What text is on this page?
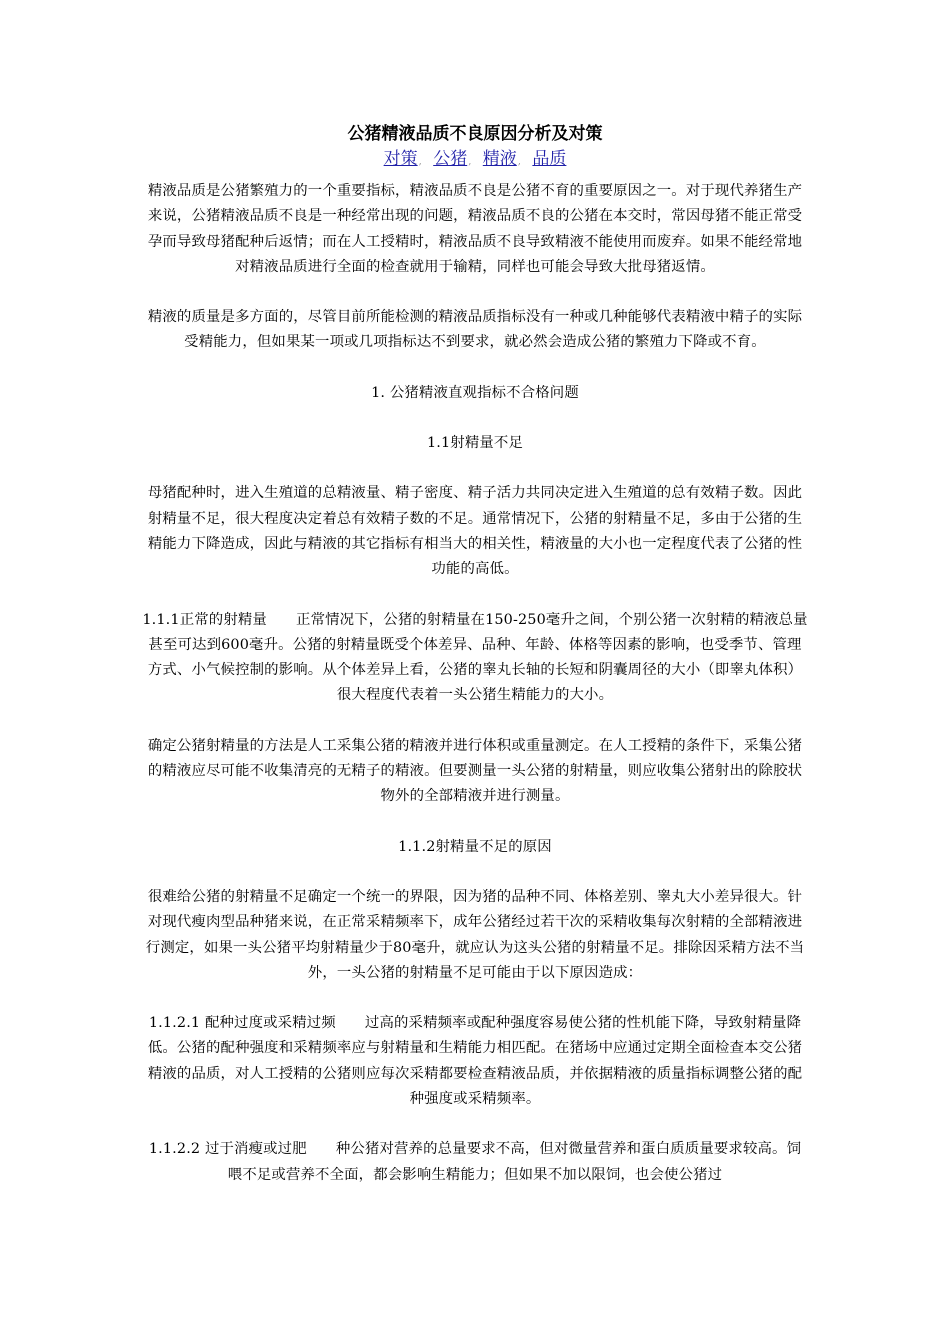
公猪精液品质不良原因分析及对策
对策, 公猪, 精液, 品质

精液品质是公猪繁殖力的一个重要指标，精液品质不良是公猪不育的重要原因之一。对于现代养猪生产来说，公猪精液品质不良是一种经常出现的问题，精液品质不良的公猪在本交时，常因母猪不能正常受孕而导致母猪配种后返情；而在人工授精时，精液品质不良导致精液不能使用而废弃。如果不能经常地对精液品质进行全面的检查就用于输精，同样也可能会导致大批母猪返情。

精液的质量是多方面的，尽管目前所能检测的精液品质指标没有一种或几种能够代表精液中精子的实际受精能力，但如果某一项或几项指标达不到要求，就必然会造成公猪的繁殖力下降或不育。

1. 公猪精液直观指标不合格问题

1.1射精量不足

母猪配种时，进入生殖道的总精液量、精子密度、精子活力共同决定进入生殖道的总有效精子数。因此射精量不足，很大程度决定着总有效精子数的不足。通常情况下，公猪的射精量不足，多由于公猪的生精能力下降造成，因此与精液的其它指标有相当大的相关性，精液量的大小也一定程度代表了公猪的性功能的高低。

1.1.1正常的射精量　　正常情况下，公猪的射精量在150-250毫升之间，个别公猪一次射精的精液总量甚至可达到600毫升。公猪的射精量既受个体差异、品种、年龄、体格等因素的影响，也受季节、管理方式、小气候控制的影响。从个体差异上看，公猪的睾丸长轴的长短和阴囊周径的大小（即睾丸体积）很大程度代表着一头公猪生精能力的大小。

确定公猪射精量的方法是人工采集公猪的精液并进行体积或重量测定。在人工授精的条件下，采集公猪的精液应尽可能不收集清亮的无精子的精液。但要测量一头公猪的射精量，则应收集公猪射出的除胶状物外的全部精液并进行测量。

1.1.2射精量不足的原因

很难给公猪的射精量不足确定一个统一的界限，因为猪的品种不同、体格差别、睾丸大小差异很大。针对现代瘦肉型品种猪来说，在正常采精频率下，成年公猪经过若干次的采精收集每次射精的全部精液进行测定，如果一头公猪平均射精量少于80毫升，就应认为这头公猪的射精量不足。排除因采精方法不当外，一头公猪的射精量不足可能由于以下原因造成：

1.1.2.1 配种过度或采精过频　　过高的采精频率或配种强度容易使公猪的性机能下降，导致射精量降低。公猪的配种强度和采精频率应与射精量和生精能力相匹配。在猪场中应通过定期全面检查本交公猪精液的品质，对人工授精的公猪则应每次采精都要检查精液品质，并依据精液的质量指标调整公猪的配种强度或采精频率。

1.1.2.2 过于消瘦或过肥　　种公猪对营养的总量要求不高，但对微量营养和蛋白质质量要求较高。饲喂不足或营养不全面，都会影响生精能力；但如果不加以限饲，也会使公猪过
